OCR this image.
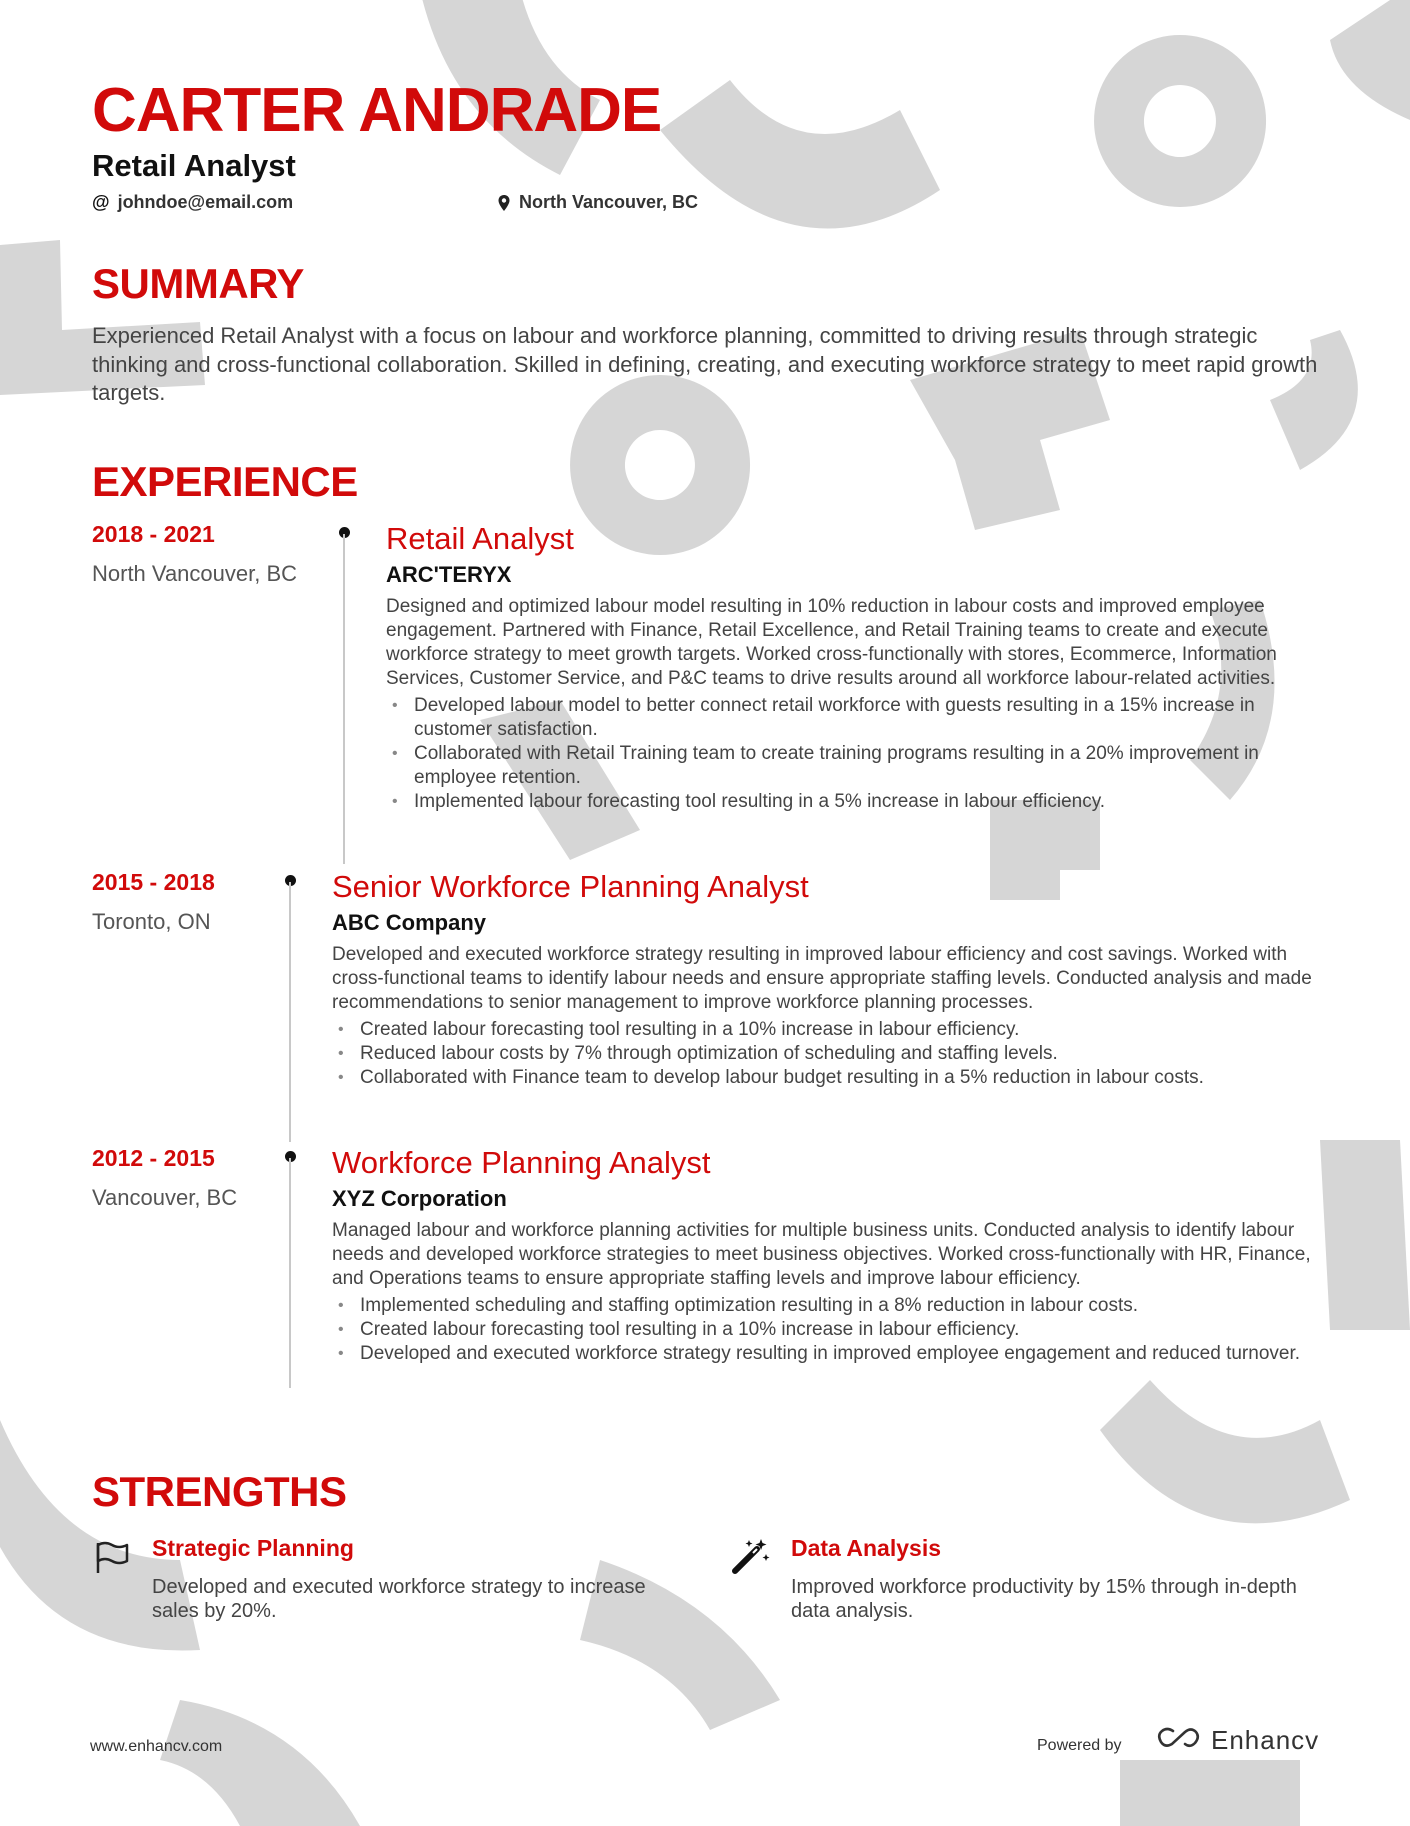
CARTER ANDRADE
Retail Analyst
@ johndoe@email.com	North Vancouver, BC
SUMMARY
Experienced Retail Analyst with a focus on labour and workforce planning, committed to driving results through strategic thinking and cross-functional collaboration. Skilled in defining, creating, and executing workforce strategy to meet rapid growth targets.
EXPERIENCE
2018 - 2021
North Vancouver, BC
Retail Analyst
ARC'TERYX
Designed and optimized labour model resulting in 10% reduction in labour costs and improved employee engagement. Partnered with Finance, Retail Excellence, and Retail Training teams to create and execute workforce strategy to meet growth targets. Worked cross-functionally with stores, Ecommerce, Information Services, Customer Service, and P&C teams to drive results around all workforce labour-related activities.
• Developed labour model to better connect retail workforce with guests resulting in a 15% increase in customer satisfaction.
• Collaborated with Retail Training team to create training programs resulting in a 20% improvement in employee retention.
• Implemented labour forecasting tool resulting in a 5% increase in labour efficiency.
2015 - 2018
Toronto, ON
Senior Workforce Planning Analyst
ABC Company
Developed and executed workforce strategy resulting in improved labour efficiency and cost savings. Worked with cross-functional teams to identify labour needs and ensure appropriate staffing levels. Conducted analysis and made recommendations to senior management to improve workforce planning processes.
• Created labour forecasting tool resulting in a 10% increase in labour efficiency.
• Reduced labour costs by 7% through optimization of scheduling and staffing levels.
• Collaborated with Finance team to develop labour budget resulting in a 5% reduction in labour costs.
2012 - 2015
Vancouver, BC
Workforce Planning Analyst
XYZ Corporation
Managed labour and workforce planning activities for multiple business units. Conducted analysis to identify labour needs and developed workforce strategies to meet business objectives. Worked cross-functionally with HR, Finance, and Operations teams to ensure appropriate staffing levels and improve labour efficiency.
• Implemented scheduling and staffing optimization resulting in a 8% reduction in labour costs.
• Created labour forecasting tool resulting in a 10% increase in labour efficiency.
• Developed and executed workforce strategy resulting in improved employee engagement and reduced turnover.
STRENGTHS
Strategic Planning
Developed and executed workforce strategy to increase sales by 20%.
Data Analysis
Improved workforce productivity by 15% through in-depth data analysis.
www.enhancv.com	Powered by	Enhancv
